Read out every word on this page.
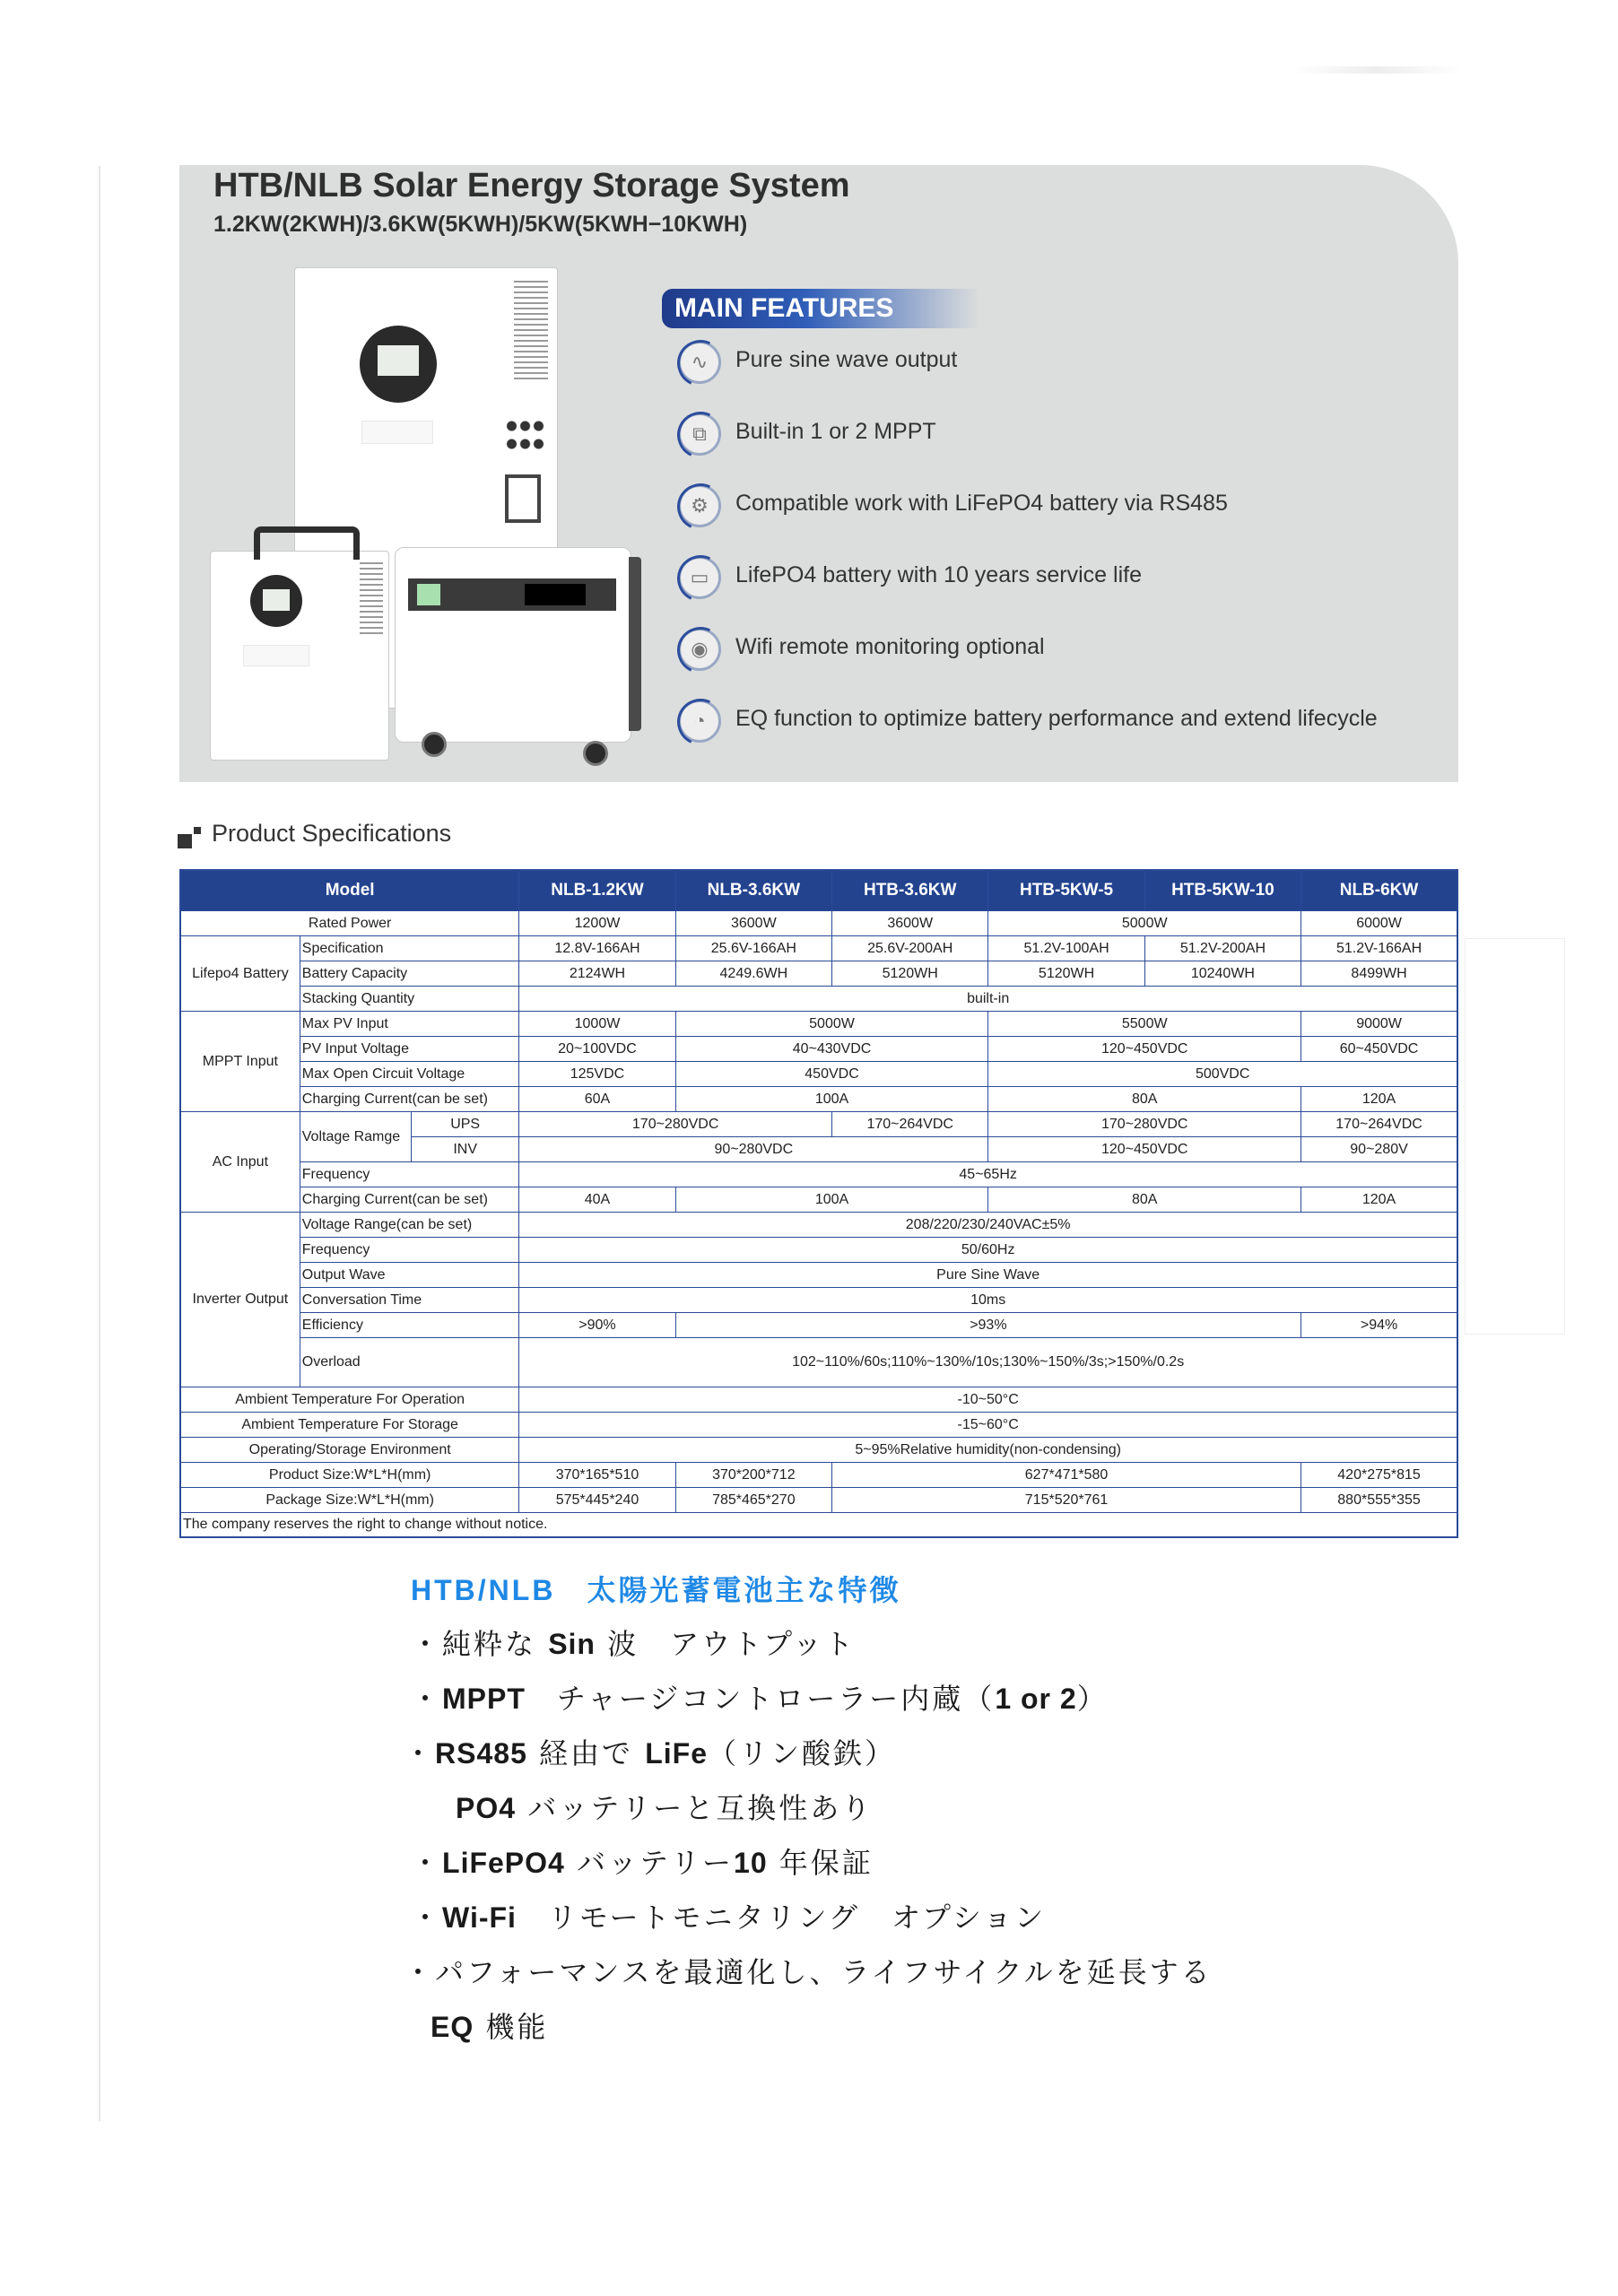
HTB/NLB Solar Energy Storage System
1.2KW(2KWH)/3.6KW(5KWH)/5KW(5KWH−10KWH)
MAIN FEATURES
∿	Pure sine wave output
⧉	Built-in 1 or 2 MPPT
⚙	Compatible work with LiFePO4 battery via RS485
▭	LifePO4 battery with 10 years service life
◉	Wifi remote monitoring optional
◔	EQ function to optimize battery performance and extend lifecycle
Product Specifications
Model			NLB-1.2KW	NLB-3.6KW	HTB-3.6KW	HTB-5KW-5	HTB-5KW-10	NLB-6KW
Rated Power			1200W	3600W	3600W	5000W		6000W
Lifepo4 Battery	Specification		12.8V-166AH	25.6V-166AH	25.6V-200AH	51.2V-100AH	51.2V-200AH	51.2V-166AH
	Battery Capacity		2124WH	4249.6WH	5120WH	5120WH	10240WH	8499WH
	Stacking Quantity		built-in					
MPPT Input	Max PV Input		1000W	5000W		5500W		9000W
	PV Input Voltage		20~100VDC	40~430VDC		120~450VDC		60~450VDC
	Max Open Circuit Voltage		125VDC	450VDC		500VDC		
	Charging Current(can be set)		60A	100A		80A		120A
AC Input	Voltage Ramge	UPS	170~280VDC		170~264VDC	170~280VDC		170~264VDC
		INV	90~280VDC			120~450VDC		90~280V
	Frequency		45~65Hz					
	Charging Current(can be set)		40A	100A		80A		120A
Inverter Output	Voltage Range(can be set)		208/220/230/240VAC±5%					
	Frequency		50/60Hz					
	Output Wave		Pure Sine Wave					
	Conversation Time		10ms					
	Efficiency		>90%	>93%				>94%
	Overload		102~110%/60s;110%~130%/10s;130%~150%/3s;>150%/0.2s					
Ambient Temperature For Operation			-10~50°C					
Ambient Temperature For Storage			-15~60°C					
Operating/Storage Environment			5~95%Relative humidity(non-condensing)					
Product Size:W*L*H(mm)			370*165*510	370*200*712	627*471*580			420*275*815
Package Size:W*L*H(mm)			575*445*240	785*465*270	715*520*761			880*555*355
The company reserves the right to change without notice.								

HTB/NLB　 太陽光蓄電池主な特徴

・純粋な Sin 波　アウトプット

・MPPT　チャージコントローラー内蔵（1 or 2）

・RS485 経由で LiFe（リン酸鉄）

PO4 バッテリーと互換性あり

・LiFePO4 バッテリー10 年保証

・Wi-Fi　リモートモニタリング　オプション

・パフォーマンスを最適化し、ライフサイクルを延長する

EQ 機能
